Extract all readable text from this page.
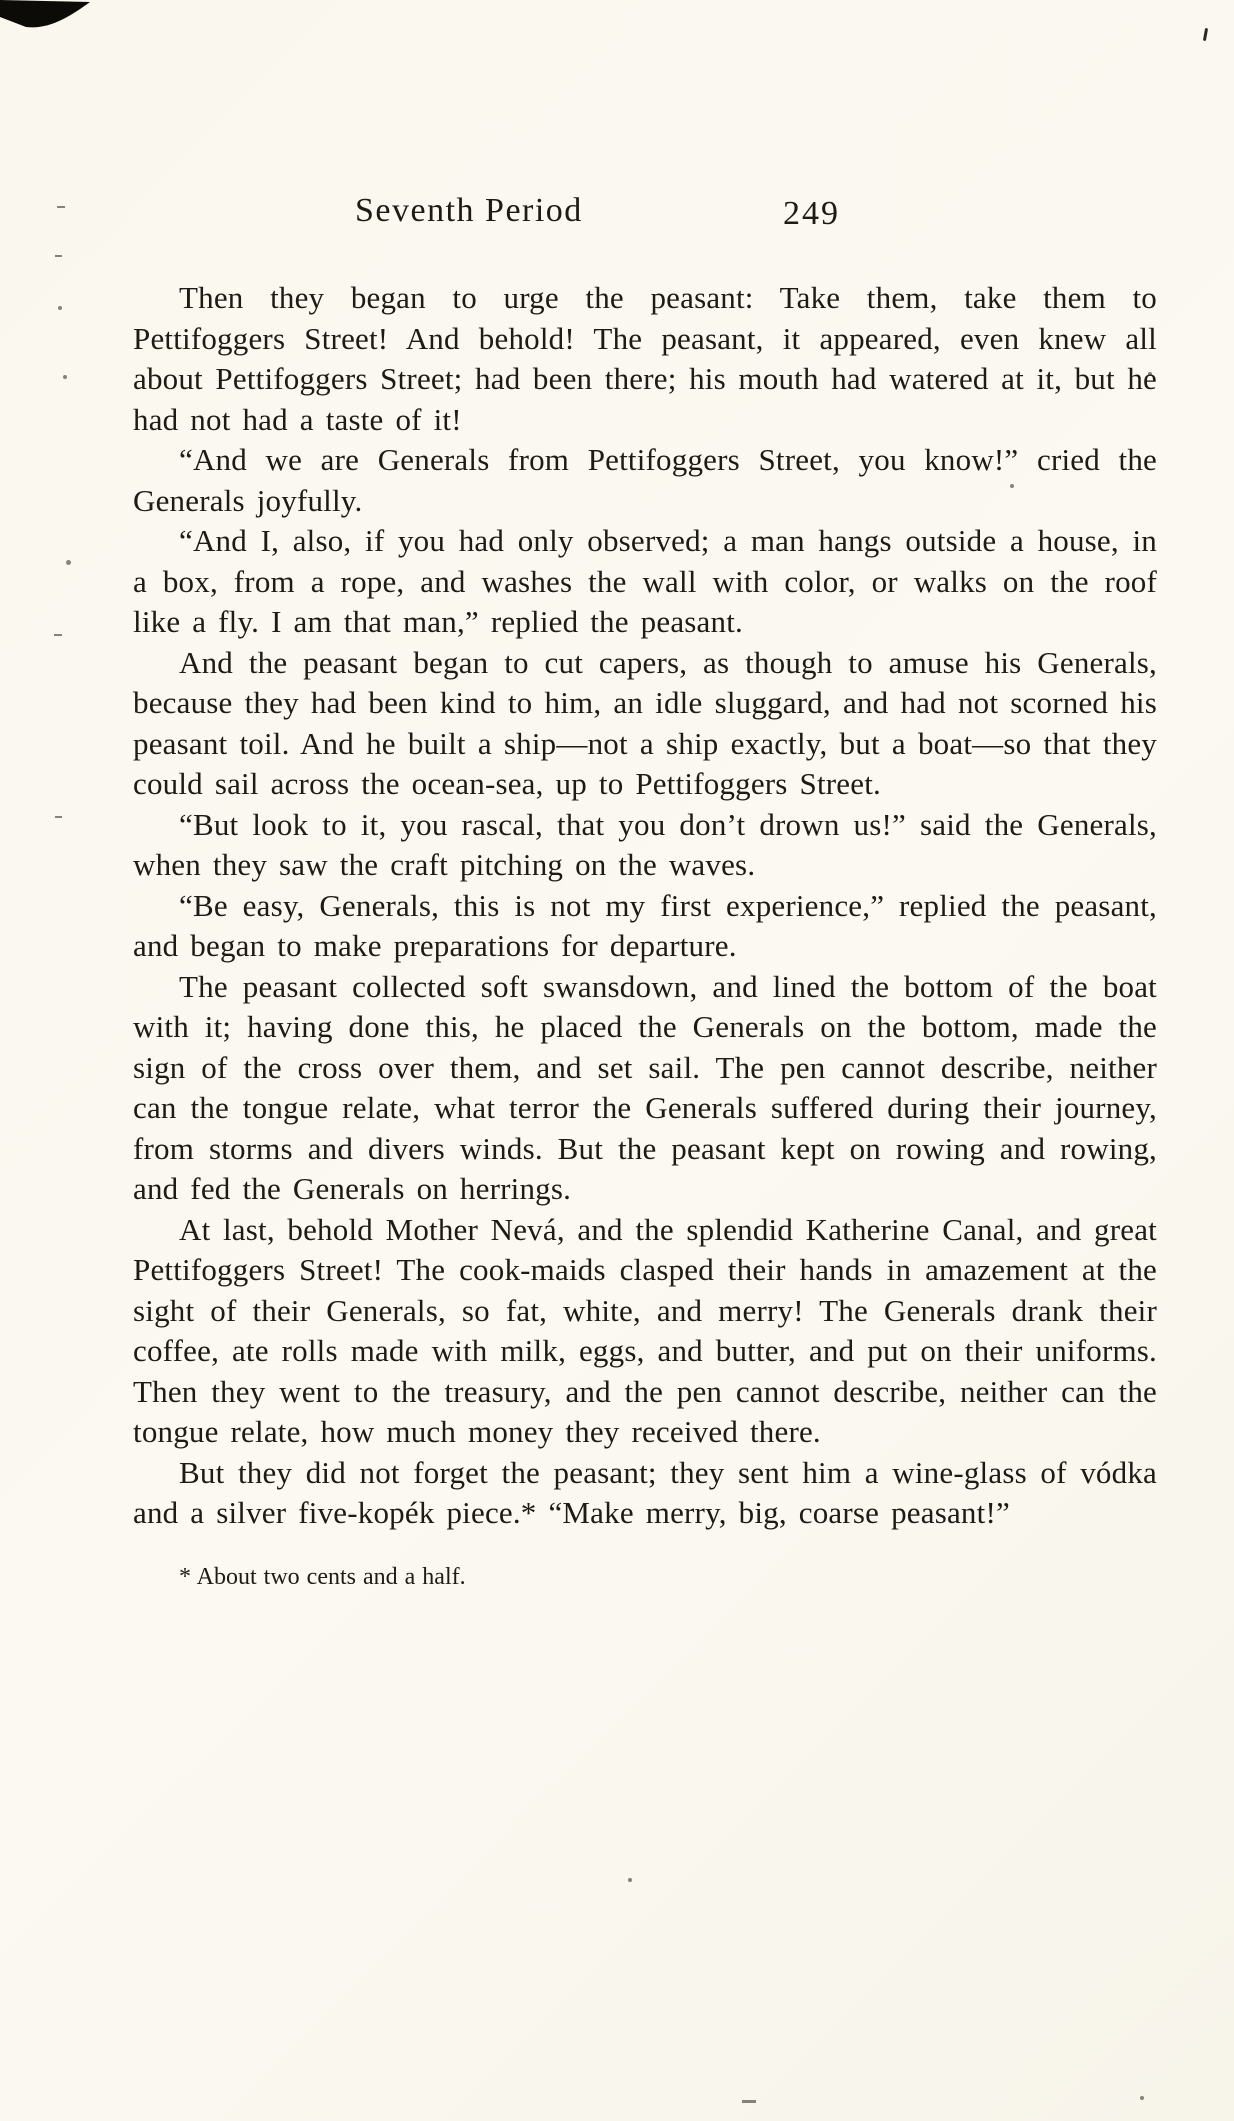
Seventh Period	249

Then they began to urge the peasant: Take them, take them to Pettifoggers Street! And behold! The peasant, it appeared, even knew all about Pettifoggers Street; had been there; his mouth had watered at it, but he had not had a taste of it!

“And we are Generals from Pettifoggers Street, you know!” cried the Generals joyfully.

“And I, also, if you had only observed; a man hangs outside a house, in a box, from a rope, and washes the wall with color, or walks on the roof like a fly. I am that man,” replied the peasant.

And the peasant began to cut capers, as though to amuse his Generals, because they had been kind to him, an idle sluggard, and had not scorned his peasant toil. And he built a ship—not a ship exactly, but a boat—so that they could sail across the ocean-sea, up to Pettifoggers Street.

“But look to it, you rascal, that you don’t drown us!” said the Generals, when they saw the craft pitching on the waves.

“Be easy, Generals, this is not my first experience,” replied the peasant, and began to make preparations for departure.

The peasant collected soft swansdown, and lined the bottom of the boat with it; having done this, he placed the Generals on the bottom, made the sign of the cross over them, and set sail. The pen cannot describe, neither can the tongue relate, what terror the Generals suffered during their journey, from storms and divers winds. But the peasant kept on rowing and rowing, and fed the Generals on herrings.

At last, behold Mother Nevá, and the splendid Katherine Canal, and great Pettifoggers Street! The cook-maids clasped their hands in amazement at the sight of their Generals, so fat, white, and merry! The Generals drank their coffee, ate rolls made with milk, eggs, and butter, and put on their uniforms. Then they went to the treasury, and the pen cannot describe, neither can the tongue relate, how much money they received there.

But they did not forget the peasant; they sent him a wine-glass of vódka and a silver five-kopék piece.* “Make merry, big, coarse peasant!”

* About two cents and a half.
